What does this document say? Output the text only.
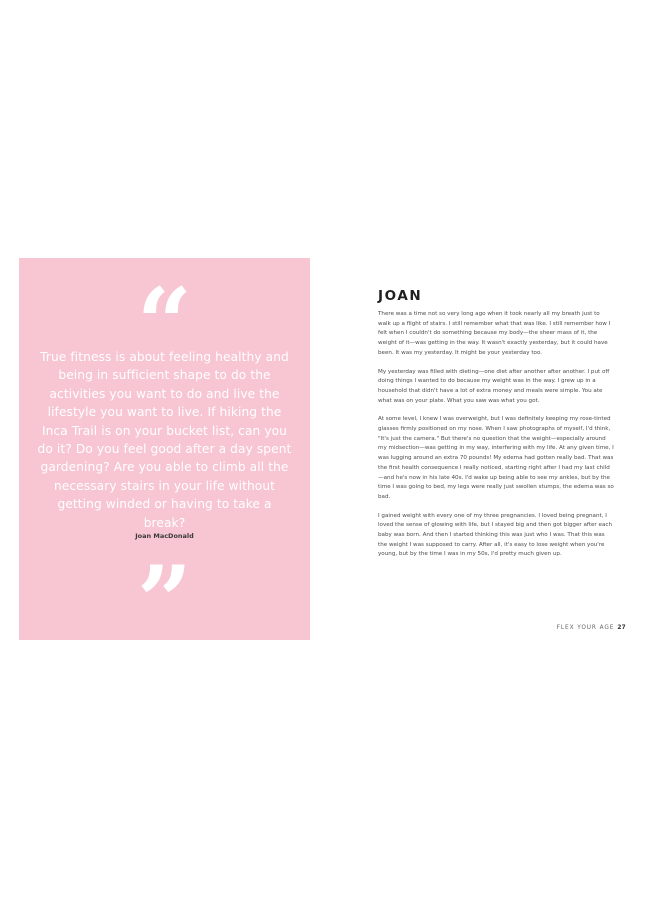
“
True fitness is about feeling healthy and being in sufficient shape to do the activities you want to do and live the lifestyle you want to live. If hiking the Inca Trail is on your bucket list, can you do it? Do you feel good after a day spent gardening? Are you able to climb all the necessary stairs in your life without getting winded or having to take a break?
Joan MacDonald
”
JOAN

There was a time not so very long ago when it took nearly all my breath just to walk up a flight of stairs. I still remember what that was like. I still remember how I felt when I couldn't do something because my body—the sheer mass of it, the weight of it—was getting in the way. It wasn't exactly yesterday, but it could have been. It was my yesterday. It might be your yesterday too.

My yesterday was filled with dieting—one diet after another after another. I put off doing things I wanted to do because my weight was in the way. I grew up in a household that didn't have a lot of extra money and meals were simple. You ate what was on your plate. What you saw was what you got.

At some level, I knew I was overweight, but I was definitely keeping my rose-tinted glasses firmly positioned on my nose. When I saw photographs of myself, I'd think, "It's just the camera." But there's no question that the weight—especially around my midsection—was getting in my way, interfering with my life. At any given time, I was lugging around an extra 70 pounds! My edema had gotten really bad. That was the first health consequence I really noticed, starting right after I had my last child—and he's now in his late 40s. I'd wake up being able to see my ankles, but by the time I was going to bed, my legs were really just swollen stumps, the edema was so bad.

I gained weight with every one of my three pregnancies. I loved being pregnant, I loved the sense of glowing with life, but I stayed big and then got bigger after each baby was born. And then I started thinking this was just who I was. That this was the weight I was supposed to carry. After all, it's easy to lose weight when you're young, but by the time I was in my 50s, I'd pretty much given up.

FLEX YOUR AGE 27
